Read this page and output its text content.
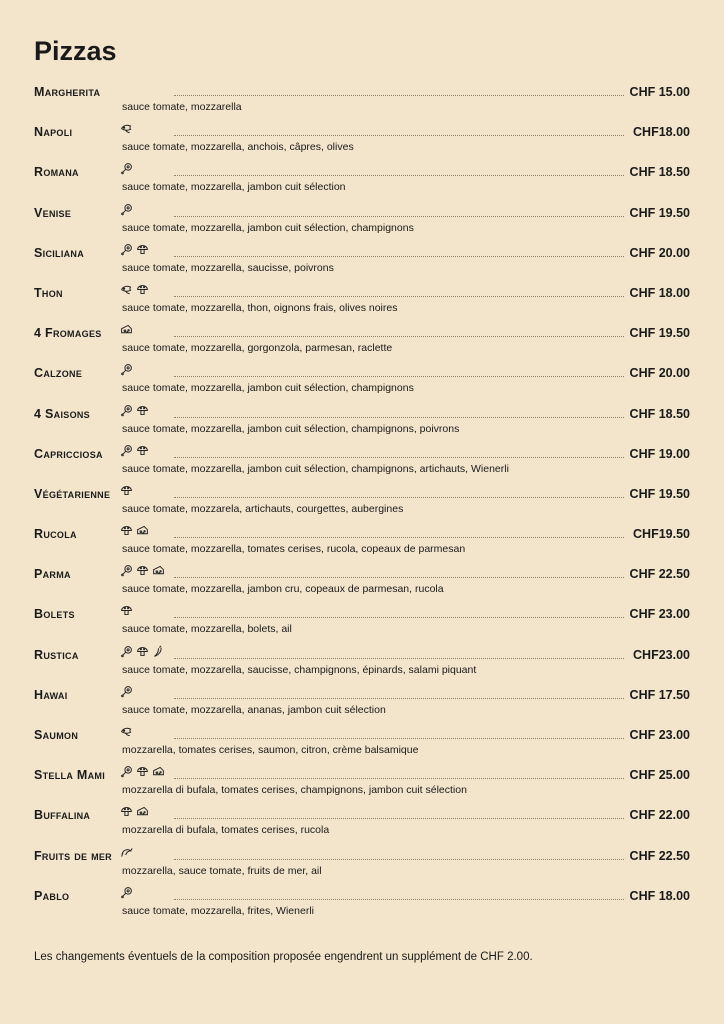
Pizzas
Margherita	CHF 15.00
sauce tomate, mozzarella
Napoli	CHF18.00
sauce tomate, mozzarella, anchois, câpres, olives
Romana	CHF 18.50
sauce tomate, mozzarella, jambon cuit sélection
Venise	CHF 19.50
sauce tomate, mozzarella, jambon cuit sélection, champignons
Siciliana	CHF 20.00
sauce tomate, mozzarella, saucisse, poivrons
Thon	CHF 18.00
sauce tomate, mozzarella, thon, oignons frais, olives noires
4 Fromages	CHF 19.50
sauce tomate, mozzarella, gorgonzola, parmesan, raclette
Calzone	CHF 20.00
sauce tomate, mozzarella, jambon cuit sélection, champignons
4 Saisons	CHF 18.50
sauce tomate, mozzarella, jambon cuit sélection, champignons, poivrons
Capricciosa	CHF 19.00
sauce tomate, mozzarella, jambon cuit sélection, champignons, artichauts, Wienerli
Végétarienne	CHF 19.50
sauce tomate, mozzarela, artichauts, courgettes, aubergines
Rucola	CHF19.50
sauce tomate, mozzarella, tomates cerises, rucola, copeaux de parmesan
Parma	CHF 22.50
sauce tomate, mozzarella, jambon cru, copeaux de parmesan, rucola
Bolets	CHF 23.00
sauce tomate, mozzarella, bolets, ail
Rustica	CHF23.00
sauce tomate, mozzarella, saucisse, champignons, épinards, salami piquant
Hawai	CHF 17.50
sauce tomate, mozzarella, ananas, jambon cuit sélection
Saumon	CHF 23.00
mozzarella, tomates cerises, saumon, citron, crème balsamique
Stella Mami	CHF 25.00
mozzarella di bufala, tomates cerises, champignons, jambon cuit sélection
Buffalina	CHF 22.00
mozzarella di bufala, tomates cerises, rucola
Fruits de mer	CHF 22.50
mozzarella, sauce tomate, fruits de mer, ail
Pablo	CHF 18.00
sauce tomate, mozzarella, frites, Wienerli

Les changements éventuels de la composition proposée engendrent un supplément de CHF 2.00.
